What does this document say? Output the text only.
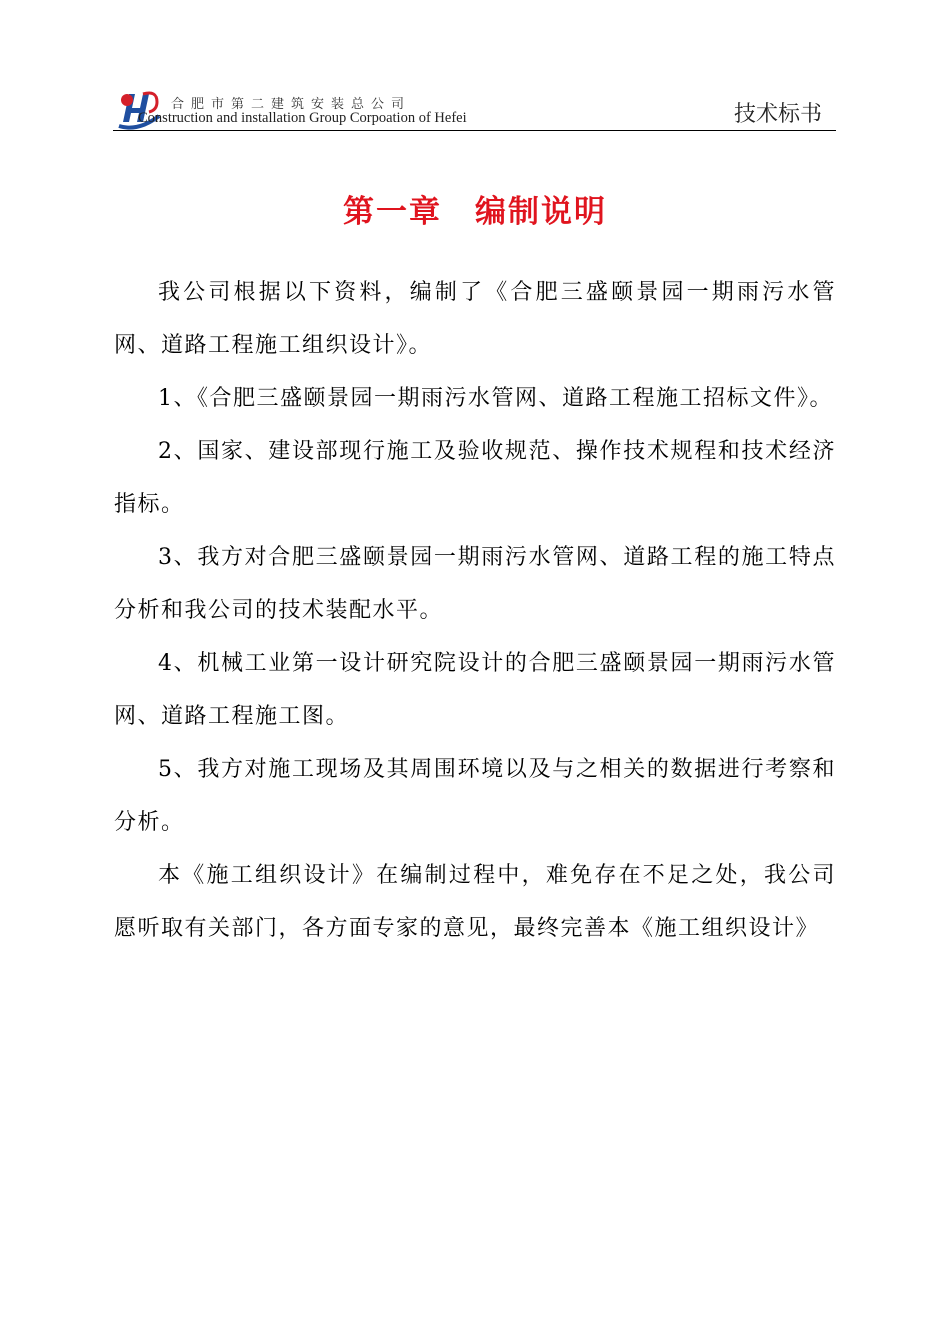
合肥市第二建筑安装总公司
Construction and installation Group Corpoation of Hefei	技术标书
第一章　编制说明

我公司根据以下资料，编制了《合肥三盛颐景园一期雨污水管网、道路工程施工组织设计》。

1、《合肥三盛颐景园一期雨污水管网、道路工程施工招标文件》。

2、国家、建设部现行施工及验收规范、操作技术规程和技术经济指标。

3、我方对合肥三盛颐景园一期雨污水管网、道路工程的施工特点分析和我公司的技术装配水平。

4、机械工业第一设计研究院设计的合肥三盛颐景园一期雨污水管网、道路工程施工图。

5、我方对施工现场及其周围环境以及与之相关的数据进行考察和分析。

本《施工组织设计》在编制过程中，难免存在不足之处，我公司愿听取有关部门，各方面专家的意见，最终完善本《施工组织设计》
